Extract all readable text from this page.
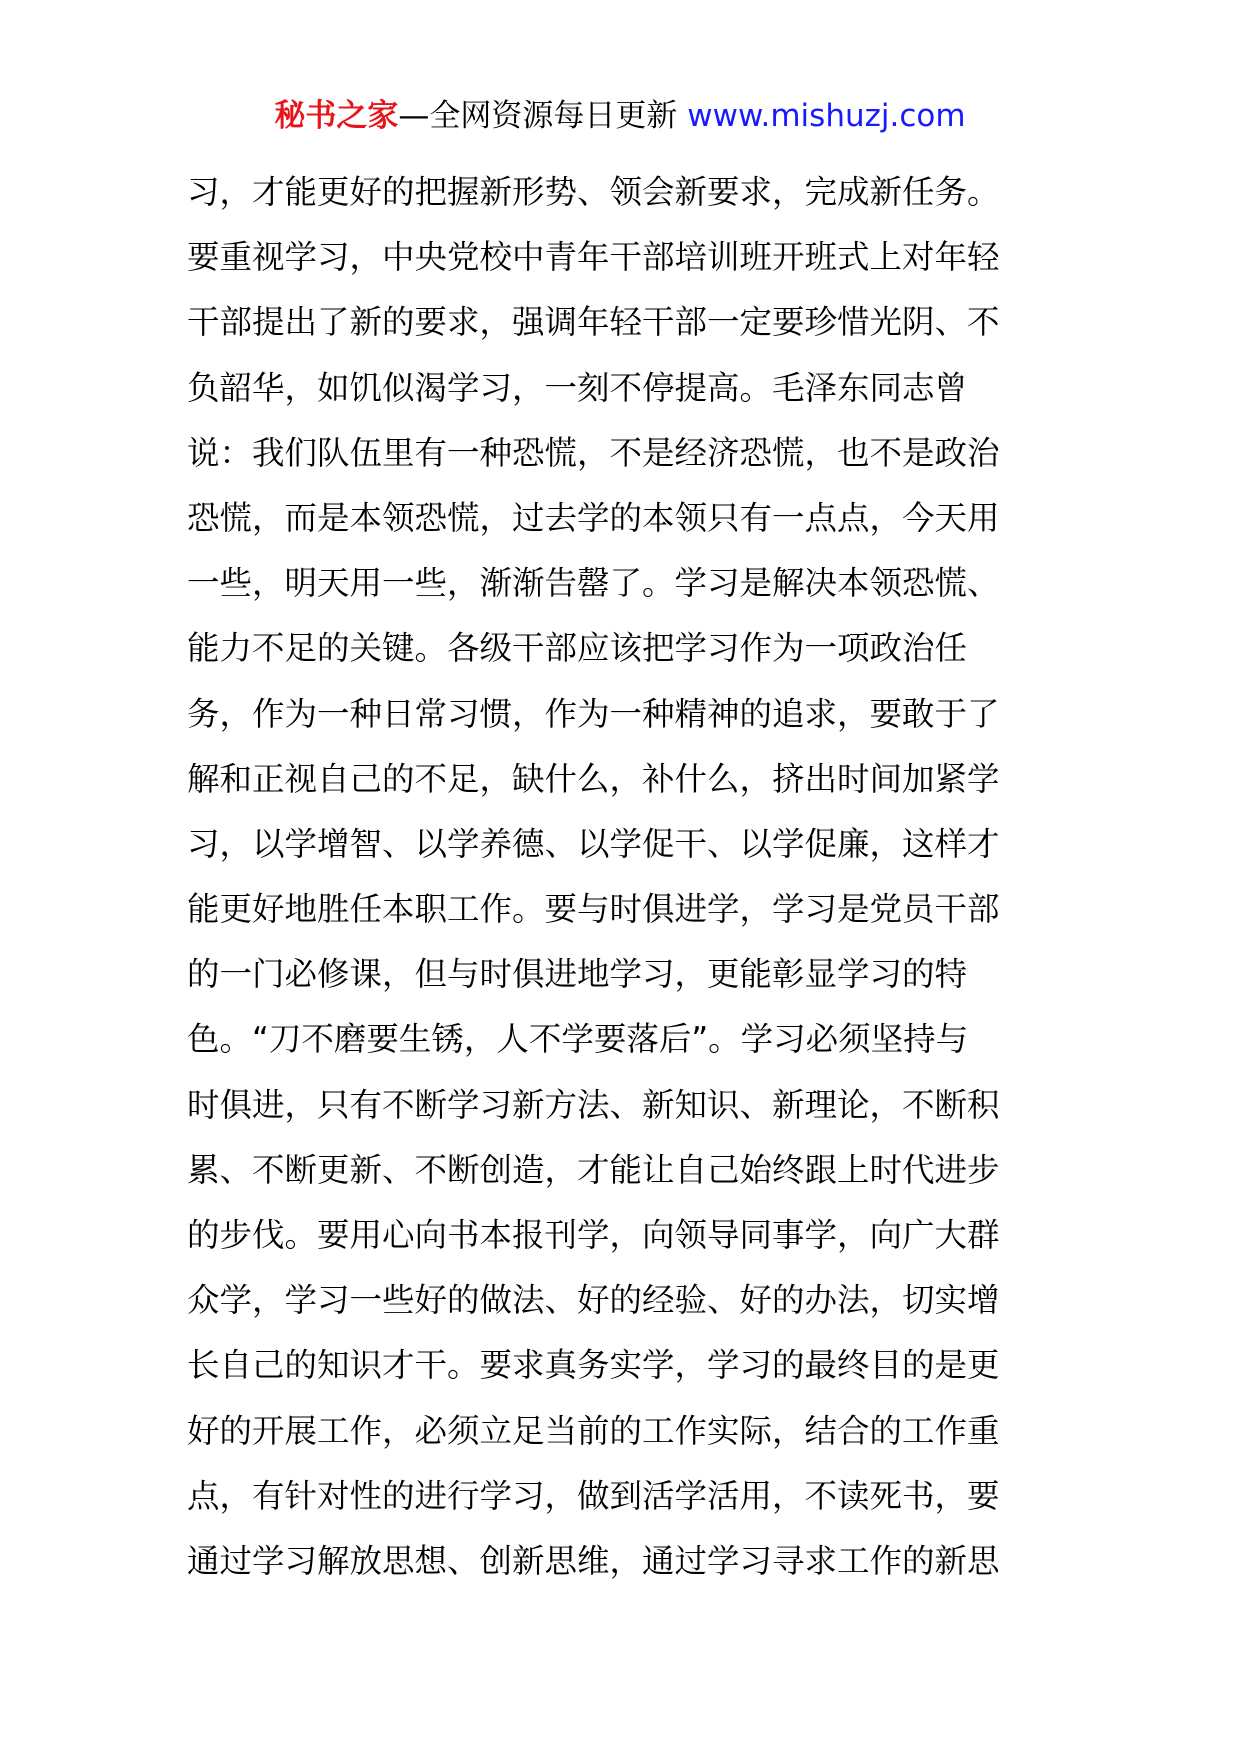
秘书之家—全网资源每日更新 www.mishuzj.com
习，才能更好的把握新形势、领会新要求，完成新任务。
要重视学习，中央党校中青年干部培训班开班式上对年轻
干部提出了新的要求，强调年轻干部一定要珍惜光阴、不
负韶华，如饥似渴学习，一刻不停提高。毛泽东同志曾
说：我们队伍里有一种恐慌，不是经济恐慌，也不是政治
恐慌，而是本领恐慌，过去学的本领只有一点点，今天用
一些，明天用一些，渐渐告罄了。学习是解决本领恐慌、
能力不足的关键。各级干部应该把学习作为一项政治任
务，作为一种日常习惯，作为一种精神的追求，要敢于了
解和正视自己的不足，缺什么，补什么，挤出时间加紧学
习，以学增智、以学养德、以学促干、以学促廉，这样才
能更好地胜任本职工作。要与时俱进学，学习是党员干部
的一门必修课，但与时俱进地学习，更能彰显学习的特
色。“刀不磨要生锈，人不学要落后”。学习必须坚持与
时俱进，只有不断学习新方法、新知识、新理论，不断积
累、不断更新、不断创造，才能让自己始终跟上时代进步
的步伐。要用心向书本报刊学，向领导同事学，向广大群
众学，学习一些好的做法、好的经验、好的办法，切实增
长自己的知识才干。要求真务实学，学习的最终目的是更
好的开展工作，必须立足当前的工作实际，结合的工作重
点，有针对性的进行学习，做到活学活用，不读死书，要
通过学习解放思想、创新思维，通过学习寻求工作的新思
